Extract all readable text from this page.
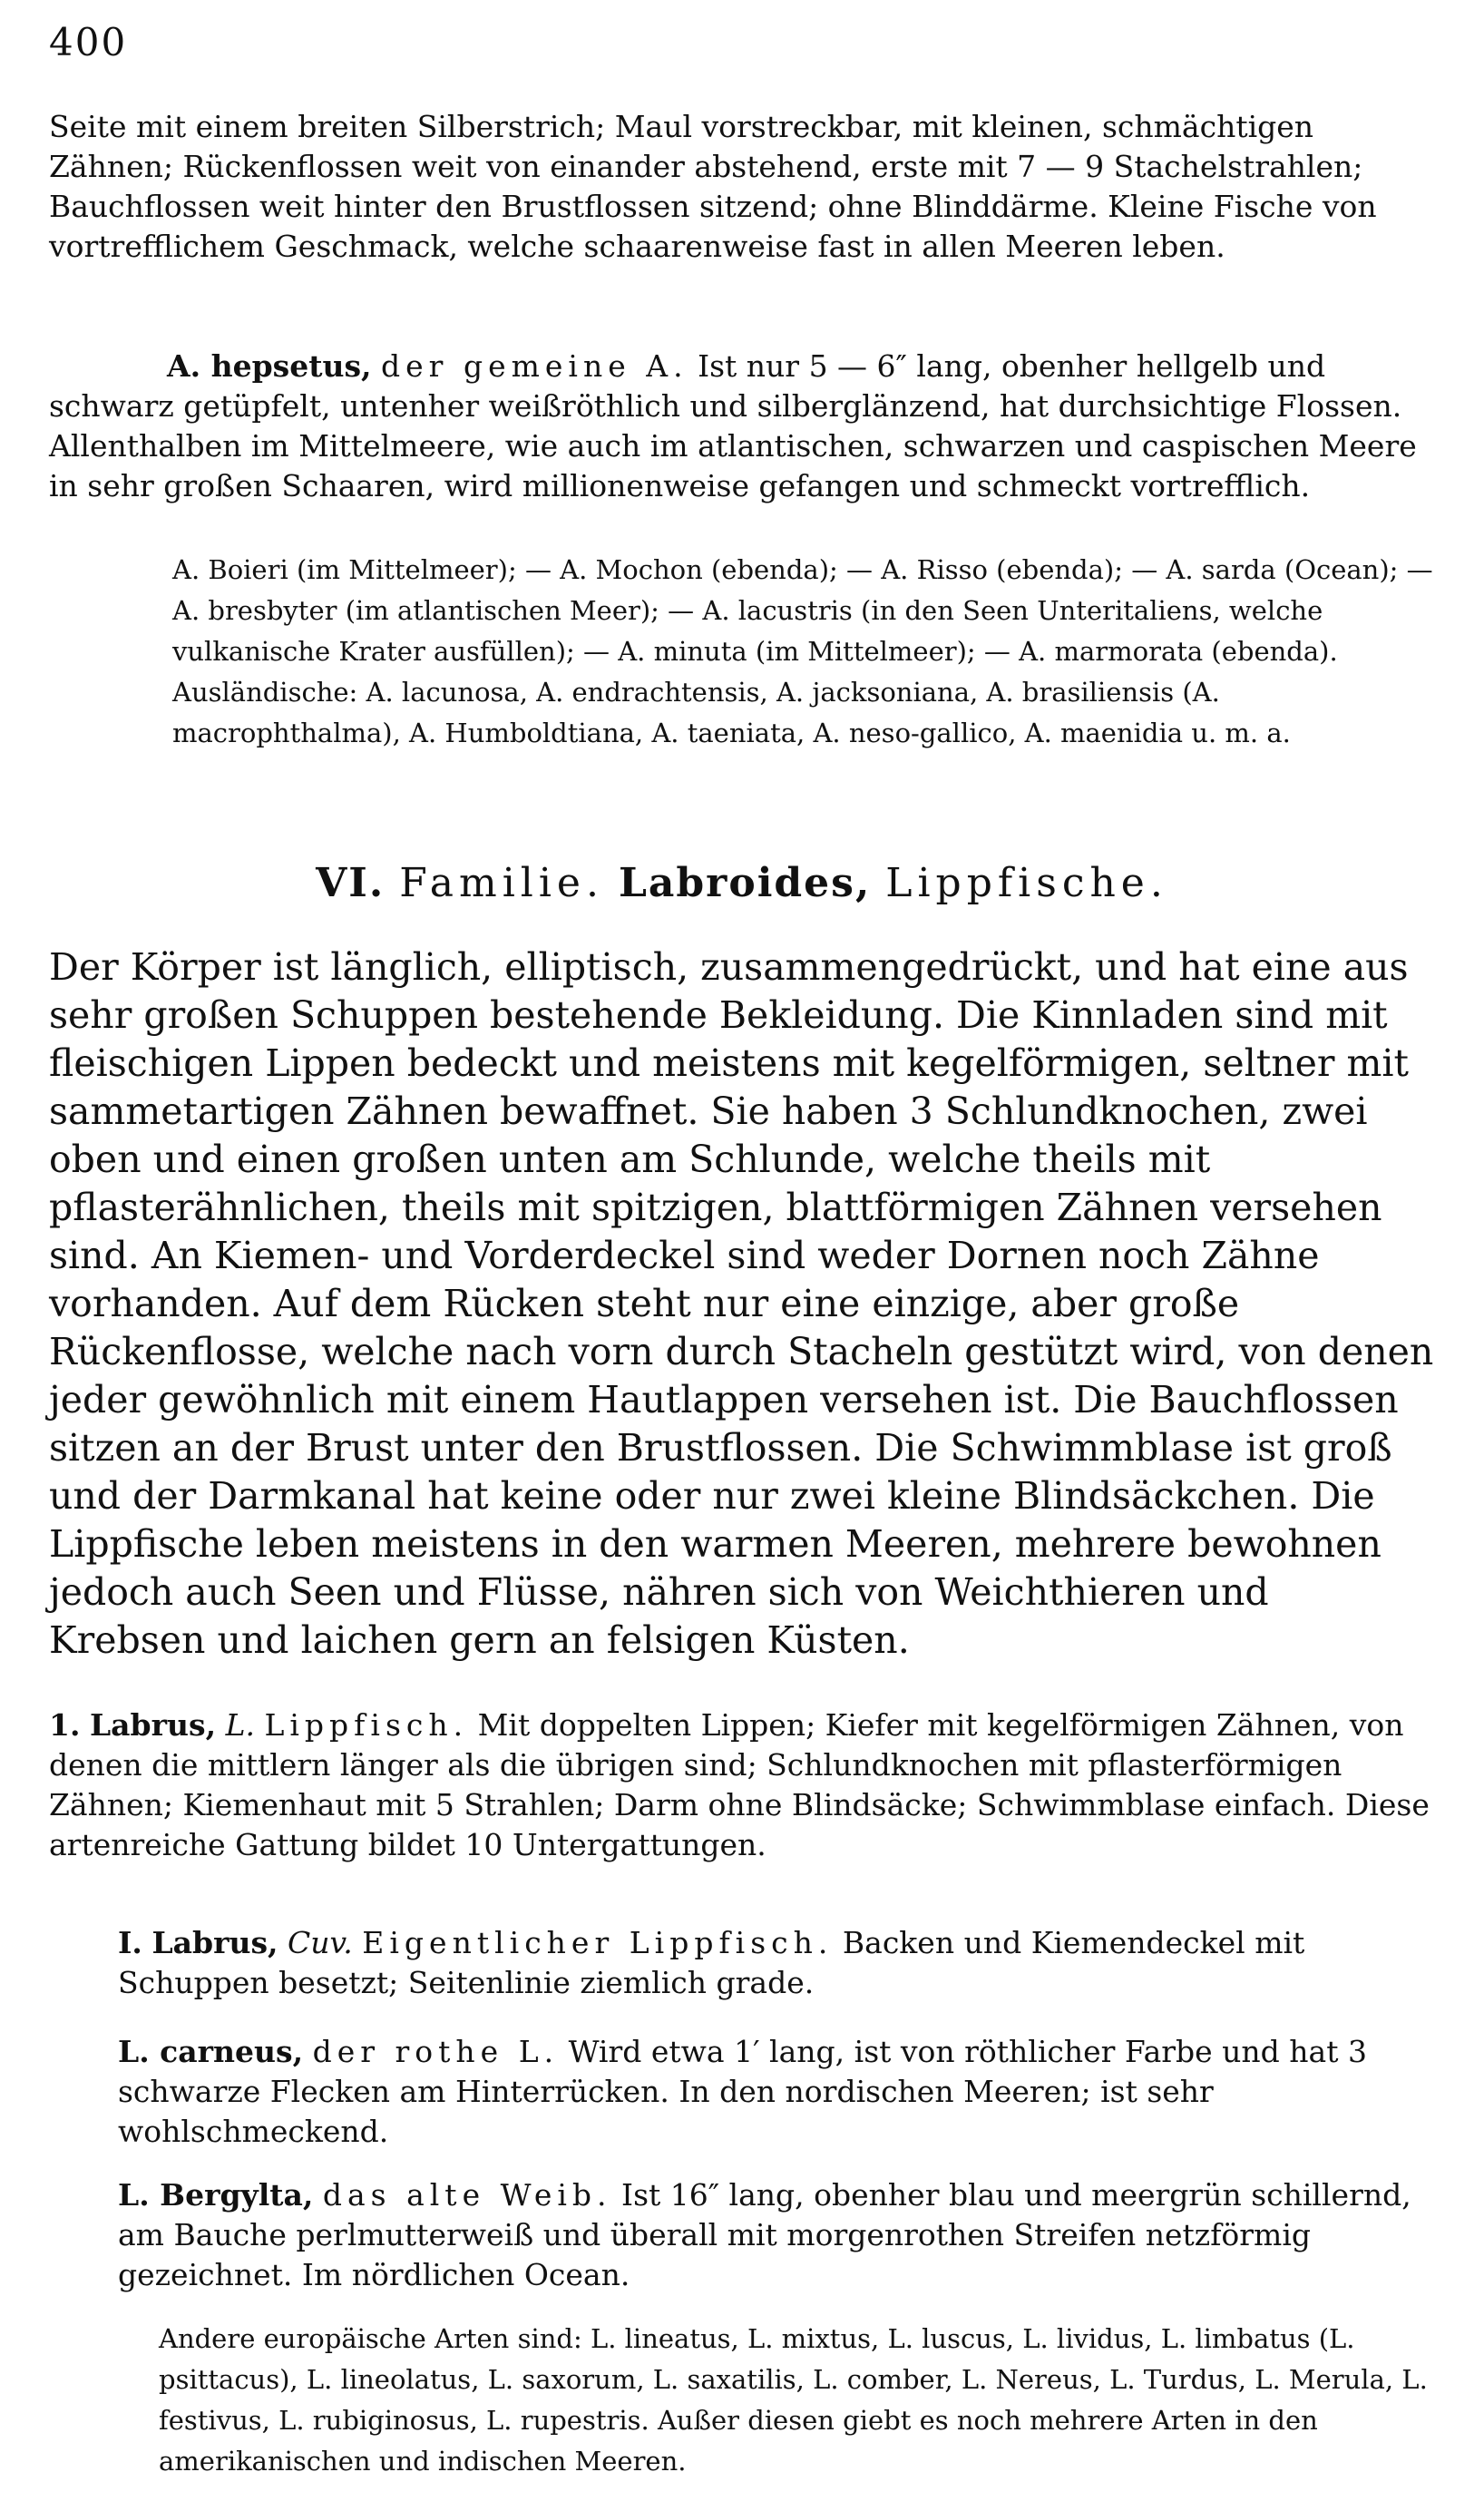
400

Seite mit einem breiten Silberstrich; Maul vorstreckbar, mit kleinen, schmächtigen Zähnen; Rückenflossen weit von einander abstehend, erste mit 7 — 9 Stachelstrahlen; Bauchflossen weit hinter den Brustflossen sitzend; ohne Blinddärme. Kleine Fische von vortrefflichem Geschmack, welche schaarenweise fast in allen Meeren leben.

A. hepsetus, der gemeine A. Ist nur 5 — 6″ lang, obenher hellgelb und schwarz getüpfelt, untenher weißröthlich und silberglänzend, hat durchsichtige Flossen. Allenthalben im Mittelmeere, wie auch im atlantischen, schwarzen und caspischen Meere in sehr großen Schaaren, wird millionenweise gefangen und schmeckt vortrefflich.

A. Boieri (im Mittelmeer); — A. Mochon (ebenda); — A. Risso (ebenda); — A. sarda (Ocean); — A. bresbyter (im atlantischen Meer); — A. lacustris (in den Seen Unteritaliens, welche vulkanische Krater ausfüllen); — A. minuta (im Mittelmeer); — A. marmorata (ebenda). Ausländische: A. lacunosa, A. endrachtensis, A. jacksoniana, A. brasiliensis (A. macrophthalma), A. Humboldtiana, A. taeniata, A. neso-gallico, A. maenidia u. m. a.

VI. Familie. Labroides, Lippfische.

Der Körper ist länglich, elliptisch, zusammengedrückt, und hat eine aus sehr großen Schuppen bestehende Bekleidung. Die Kinnladen sind mit fleischigen Lippen bedeckt und meistens mit kegelförmigen, seltner mit sammetartigen Zähnen bewaffnet. Sie haben 3 Schlundknochen, zwei oben und einen großen unten am Schlunde, welche theils mit pflasterähnlichen, theils mit spitzigen, blattförmigen Zähnen versehen sind. An Kiemen- und Vorderdeckel sind weder Dornen noch Zähne vorhanden. Auf dem Rücken steht nur eine einzige, aber große Rückenflosse, welche nach vorn durch Stacheln gestützt wird, von denen jeder gewöhnlich mit einem Hautlappen versehen ist. Die Bauchflossen sitzen an der Brust unter den Brustflossen. Die Schwimmblase ist groß und der Darmkanal hat keine oder nur zwei kleine Blindsäckchen. Die Lippfische leben meistens in den warmen Meeren, mehrere bewohnen jedoch auch Seen und Flüsse, nähren sich von Weichthieren und Krebsen und laichen gern an felsigen Küsten.

1. Labrus, L. Lippfisch. Mit doppelten Lippen; Kiefer mit kegelförmigen Zähnen, von denen die mittlern länger als die übrigen sind; Schlundknochen mit pflasterförmigen Zähnen; Kiemenhaut mit 5 Strahlen; Darm ohne Blindsäcke; Schwimmblase einfach. Diese artenreiche Gattung bildet 10 Untergattungen.

I. Labrus, Cuv. Eigentlicher Lippfisch. Backen und Kiemendeckel mit Schuppen besetzt; Seitenlinie ziemlich grade.

L. carneus, der rothe L. Wird etwa 1′ lang, ist von röthlicher Farbe und hat 3 schwarze Flecken am Hinterrücken. In den nordischen Meeren; ist sehr wohlschmeckend.

L. Bergylta, das alte Weib. Ist 16″ lang, obenher blau und meergrün schillernd, am Bauche perlmutterweiß und überall mit morgenrothen Streifen netzförmig gezeichnet. Im nördlichen Ocean.

Andere europäische Arten sind: L. lineatus, L. mixtus, L. luscus, L. lividus, L. limbatus (L. psittacus), L. lineolatus, L. saxorum, L. saxatilis, L. comber, L. Nereus, L. Turdus, L. Merula, L. festivus, L. rubiginosus, L. rupestris. Außer diesen giebt es noch mehrere Arten in den amerikanischen und indischen Meeren.
